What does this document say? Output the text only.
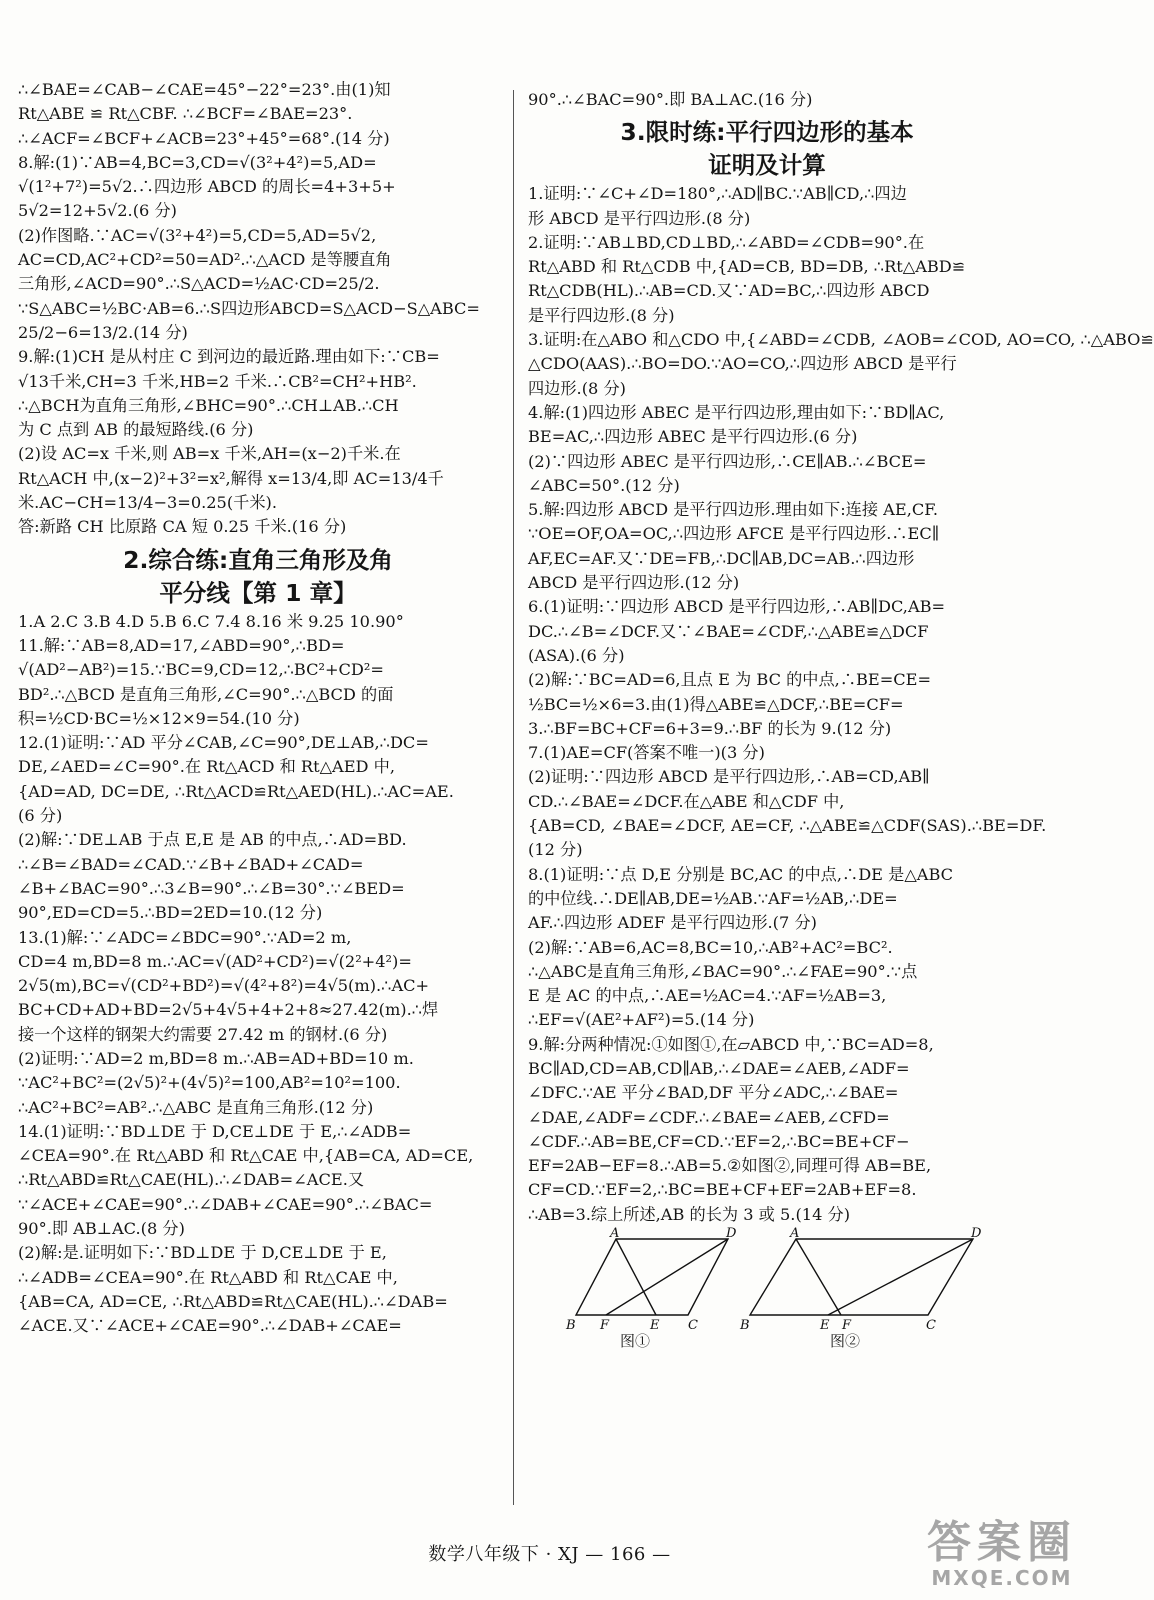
∴∠BAE=∠CAB−∠CAE=45°−22°=23°.由(1)知
Rt△ABE ≌ Rt△CBF. ∴∠BCF=∠BAE=23°.
∴∠ACF=∠BCF+∠ACB=23°+45°=68°.(14 分)
8.解:(1)∵AB=4,BC=3,CD=√(3²+4²)=5,AD=
√(1²+7²)=5√2.∴四边形 ABCD 的周长=4+3+5+
5√2=12+5√2.(6 分)
(2)作图略.∵AC=√(3²+4²)=5,CD=5,AD=5√2,
AC=CD,AC²+CD²=50=AD².∴△ACD 是等腰直角
三角形,∠ACD=90°.∴S△ACD=½AC·CD=25/2.
∵S△ABC=½BC·AB=6.∴S四边形ABCD=S△ACD−S△ABC=
25/2−6=13/2.(14 分)
9.解:(1)CH 是从村庄 C 到河边的最近路.理由如下:∵CB=
√13千米,CH=3 千米,HB=2 千米.∴CB²=CH²+HB².
∴△BCH为直角三角形,∠BHC=90°.∴CH⊥AB.∴CH
为 C 点到 AB 的最短路线.(6 分)
(2)设 AC=x 千米,则 AB=x 千米,AH=(x−2)千米.在
Rt△ACH 中,(x−2)²+3²=x²,解得 x=13/4,即 AC=13/4千
米.AC−CH=13/4−3=0.25(千米).
答:新路 CH 比原路 CA 短 0.25 千米.(16 分)
2.综合练:直角三角形及角
平分线【第 1 章】
1.A 2.C 3.B 4.D 5.B 6.C 7.4 8.16 米 9.25 10.90°
11.解:∵AB=8,AD=17,∠ABD=90°,∴BD=
√(AD²−AB²)=15.∵BC=9,CD=12,∴BC²+CD²=
BD².∴△BCD 是直角三角形,∠C=90°.∴△BCD 的面
积=½CD·BC=½×12×9=54.(10 分)
12.(1)证明:∵AD 平分∠CAB,∠C=90°,DE⊥AB,∴DC=
DE,∠AED=∠C=90°.在 Rt△ACD 和 Rt△AED 中,
{AD=AD, DC=DE, ∴Rt△ACD≌Rt△AED(HL).∴AC=AE.
(6 分)
(2)解:∵DE⊥AB 于点 E,E 是 AB 的中点,∴AD=BD.
∴∠B=∠BAD=∠CAD.∵∠B+∠BAD+∠CAD=
∠B+∠BAC=90°.∴3∠B=90°.∴∠B=30°.∵∠BED=
90°,ED=CD=5.∴BD=2ED=10.(12 分)
13.(1)解:∵∠ADC=∠BDC=90°.∵AD=2 m,
CD=4 m,BD=8 m.∴AC=√(AD²+CD²)=√(2²+4²)=
2√5(m),BC=√(CD²+BD²)=√(4²+8²)=4√5(m).∴AC+
BC+CD+AD+BD=2√5+4√5+4+2+8≈27.42(m).∴焊
接一个这样的钢架大约需要 27.42 m 的钢材.(6 分)
(2)证明:∵AD=2 m,BD=8 m.∴AB=AD+BD=10 m.
∵AC²+BC²=(2√5)²+(4√5)²=100,AB²=10²=100.
∴AC²+BC²=AB².∴△ABC 是直角三角形.(12 分)
14.(1)证明:∵BD⊥DE 于 D,CE⊥DE 于 E,∴∠ADB=
∠CEA=90°.在 Rt△ABD 和 Rt△CAE 中,{AB=CA, AD=CE,
∴Rt△ABD≌Rt△CAE(HL).∴∠DAB=∠ACE.又
∵∠ACE+∠CAE=90°.∴∠DAB+∠CAE=90°.∴∠BAC=
90°.即 AB⊥AC.(8 分)
(2)解:是.证明如下:∵BD⊥DE 于 D,CE⊥DE 于 E,
∴∠ADB=∠CEA=90°.在 Rt△ABD 和 Rt△CAE 中,
{AB=CA, AD=CE, ∴Rt△ABD≌Rt△CAE(HL).∴∠DAB=
∠ACE.又∵∠ACE+∠CAE=90°.∴∠DAB+∠CAE=
90°.∴∠BAC=90°.即 BA⊥AC.(16 分)
3.限时练:平行四边形的基本
证明及计算
1.证明:∵∠C+∠D=180°,∴AD∥BC.∵AB∥CD,∴四边
形 ABCD 是平行四边形.(8 分)
2.证明:∵AB⊥BD,CD⊥BD,∴∠ABD=∠CDB=90°.在
Rt△ABD 和 Rt△CDB 中,{AD=CB, BD=DB, ∴Rt△ABD≌
Rt△CDB(HL).∴AB=CD.又∵AD=BC,∴四边形 ABCD
是平行四边形.(8 分)
3.证明:在△ABO 和△CDO 中,{∠ABD=∠CDB, ∠AOB=∠COD, AO=CO, ∴△ABO≌
△CDO(AAS).∴BO=DO.∵AO=CO,∴四边形 ABCD 是平行
四边形.(8 分)
4.解:(1)四边形 ABEC 是平行四边形,理由如下:∵BD∥AC,
BE=AC,∴四边形 ABEC 是平行四边形.(6 分)
(2)∵四边形 ABEC 是平行四边形,∴CE∥AB.∴∠BCE=
∠ABC=50°.(12 分)
5.解:四边形 ABCD 是平行四边形.理由如下:连接 AE,CF.
∵OE=OF,OA=OC,∴四边形 AFCE 是平行四边形.∴EC∥
AF,EC=AF.又∵DE=FB,∴DC∥AB,DC=AB.∴四边形
ABCD 是平行四边形.(12 分)
6.(1)证明:∵四边形 ABCD 是平行四边形,∴AB∥DC,AB=
DC.∴∠B=∠DCF.又∵∠BAE=∠CDF,∴△ABE≌△DCF
(ASA).(6 分)
(2)解:∵BC=AD=6,且点 E 为 BC 的中点,∴BE=CE=
½BC=½×6=3.由(1)得△ABE≌△DCF,∴BE=CF=
3.∴BF=BC+CF=6+3=9.∴BF 的长为 9.(12 分)
7.(1)AE=CF(答案不唯一)(3 分)
(2)证明:∵四边形 ABCD 是平行四边形,∴AB=CD,AB∥
CD.∴∠BAE=∠DCF.在△ABE 和△CDF 中,
{AB=CD, ∠BAE=∠DCF, AE=CF, ∴△ABE≌△CDF(SAS).∴BE=DF.
(12 分)
8.(1)证明:∵点 D,E 分别是 BC,AC 的中点,∴DE 是△ABC
的中位线.∴DE∥AB,DE=½AB.∵AF=½AB,∴DE=
AF.∴四边形 ADEF 是平行四边形.(7 分)
(2)解:∵AB=6,AC=8,BC=10,∴AB²+AC²=BC².
∴△ABC是直角三角形,∠BAC=90°.∴∠FAE=90°.∵点
E 是 AC 的中点,∴AE=½AC=4.∵AF=½AB=3,
∴EF=√(AE²+AF²)=5.(14 分)
9.解:分两种情况:①如图①,在▱ABCD 中,∵BC=AD=8,
BC∥AD,CD=AB,CD∥AB,∴∠DAE=∠AEB,∠ADF=
∠DFC.∵AE 平分∠BAD,DF 平分∠ADC,∴∠BAE=
∠DAE,∠ADF=∠CDF.∴∠BAE=∠AEB,∠CFD=
∠CDF.∴AB=BE,CF=CD.∵EF=2,∴BC=BE+CF−
EF=2AB−EF=8.∴AB=5.②如图②,同理可得 AB=BE,
CF=CD.∵EF=2,∴BC=BE+CF+EF=2AB+EF=8.
∴AB=3.综上所述,AB 的长为 3 或 5.(14 分)
A	D
B F	E C
图①
A	D
B	E F	C
图②
数学八年级下 · XJ — 166 —	答案圈
MXQE.COM
